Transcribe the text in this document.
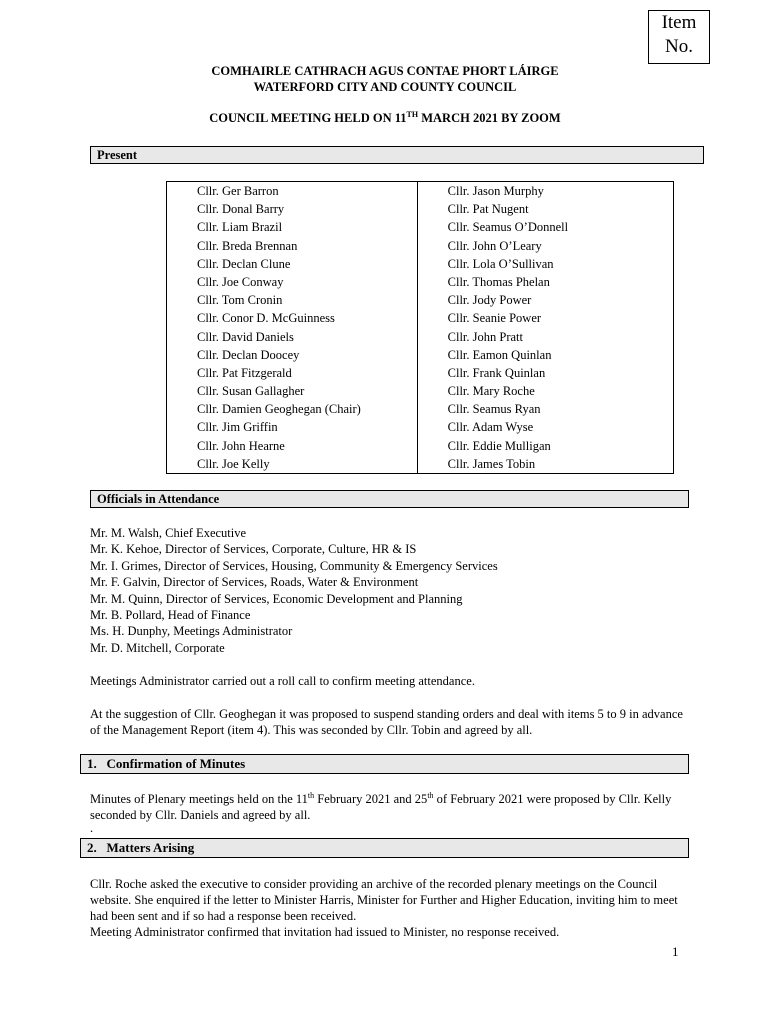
Item
No.
COMHAIRLE CATHRACH AGUS CONTAE PHORT LÁIRGE
WATERFORD CITY AND COUNTY COUNCIL
COUNCIL MEETING HELD ON 11TH MARCH 2021 BY ZOOM
Present
Cllr. Ger Barron	Cllr. Jason Murphy
Cllr. Donal Barry	Cllr. Pat Nugent
Cllr. Liam Brazil	Cllr. Seamus O’Donnell
Cllr. Breda Brennan	Cllr. John O’Leary
Cllr. Declan Clune	Cllr. Lola O’Sullivan
Cllr. Joe Conway	Cllr. Thomas Phelan
Cllr. Tom Cronin	Cllr. Jody Power
Cllr. Conor D. McGuinness	Cllr. Seanie Power
Cllr. David Daniels	Cllr. John Pratt
Cllr. Declan Doocey	Cllr. Eamon Quinlan
Cllr. Pat Fitzgerald	Cllr. Frank Quinlan
Cllr. Susan Gallagher	Cllr. Mary Roche
Cllr. Damien Geoghegan (Chair)	Cllr. Seamus Ryan
Cllr. Jim Griffin	Cllr. Adam Wyse
Cllr. John Hearne	Cllr. Eddie Mulligan
Cllr. Joe Kelly	Cllr. James Tobin
Officials in Attendance
Mr. M. Walsh, Chief Executive
Mr. K. Kehoe, Director of Services, Corporate, Culture, HR & IS
Mr. I. Grimes, Director of Services, Housing, Community & Emergency Services
Mr. F. Galvin, Director of Services, Roads, Water & Environment
Mr. M. Quinn, Director of Services, Economic Development and Planning
Mr. B. Pollard, Head of Finance
Ms. H. Dunphy, Meetings Administrator
Mr. D. Mitchell, Corporate
Meetings Administrator carried out a roll call to confirm meeting attendance.
At the suggestion of Cllr. Geoghegan it was proposed to suspend standing orders and deal with items 5 to 9 in advance of the Management Report (item 4). This was seconded by Cllr. Tobin and agreed by all.
1. Confirmation of Minutes
Minutes of Plenary meetings held on the 11th February 2021 and 25th of February 2021 were proposed by Cllr. Kelly seconded by Cllr. Daniels and agreed by all.
.
2. Matters Arising
Cllr. Roche asked the executive to consider providing an archive of the recorded plenary meetings on the Council website. She enquired if the letter to Minister Harris, Minister for Further and Higher Education, inviting him to meet had been sent and if so had a response been received.
Meeting Administrator confirmed that invitation had issued to Minister, no response received.
1
